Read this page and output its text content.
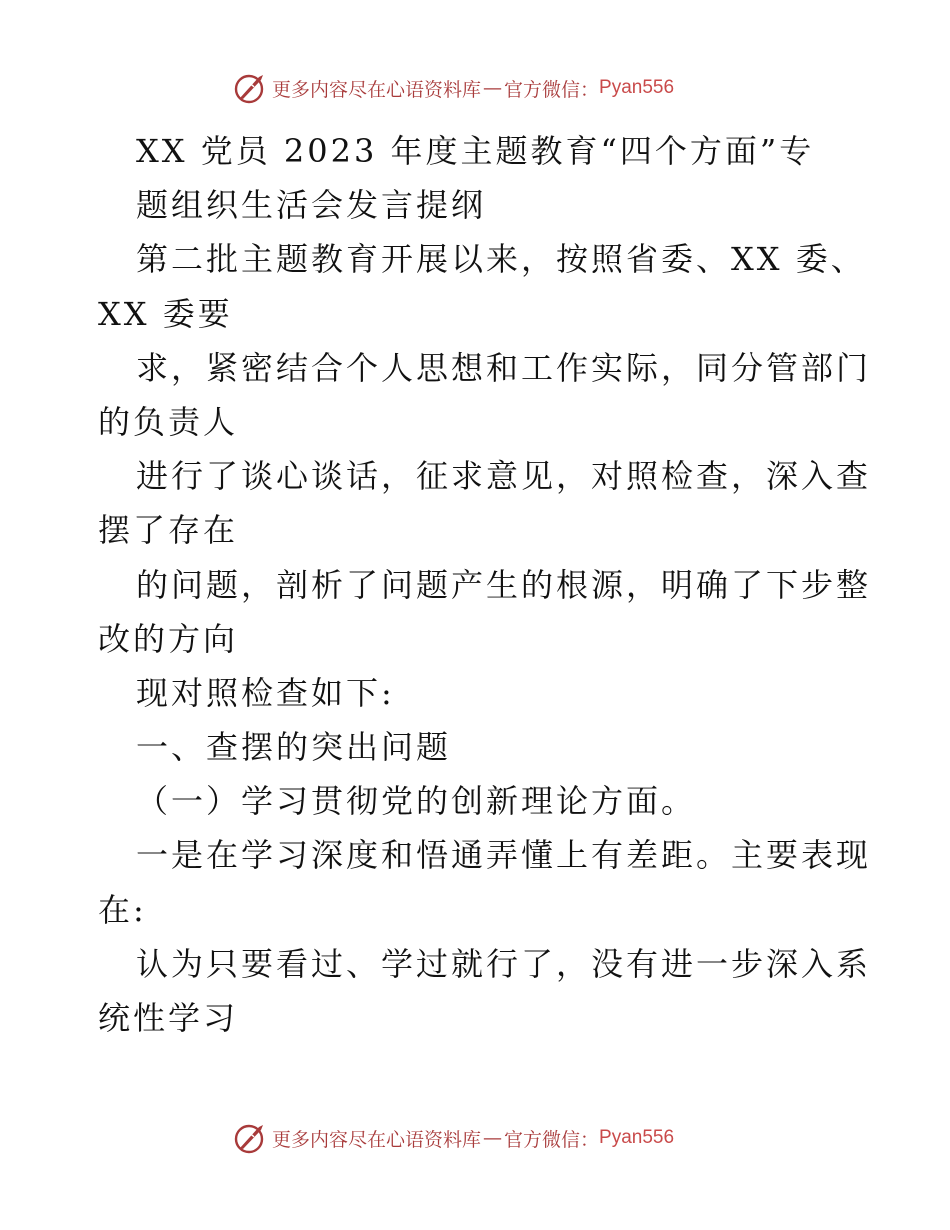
更多内容尽在心语资料库 — 官方微信： Pyan556
XX 党员 2023 年度主题教育“四个方面”专
题组织生活会发言提纲
第二批主题教育开展以来，按照省委、XX 委、
XX 委要
求，紧密结合个人思想和工作实际，同分管部门
的负责人
进行了谈心谈话，征求意见，对照检查，深入查
摆了存在
的问题，剖析了问题产生的根源，明确了下步整
改的方向
现对照检查如下:
一、查摆的突出问题
（一）学习贯彻党的创新理论方面。
一是在学习深度和悟通弄懂上有差距。主要表现
在:
认为只要看过、学过就行了，没有进一步深入系
统性学习
更多内容尽在心语资料库 — 官方微信： Pyan556
